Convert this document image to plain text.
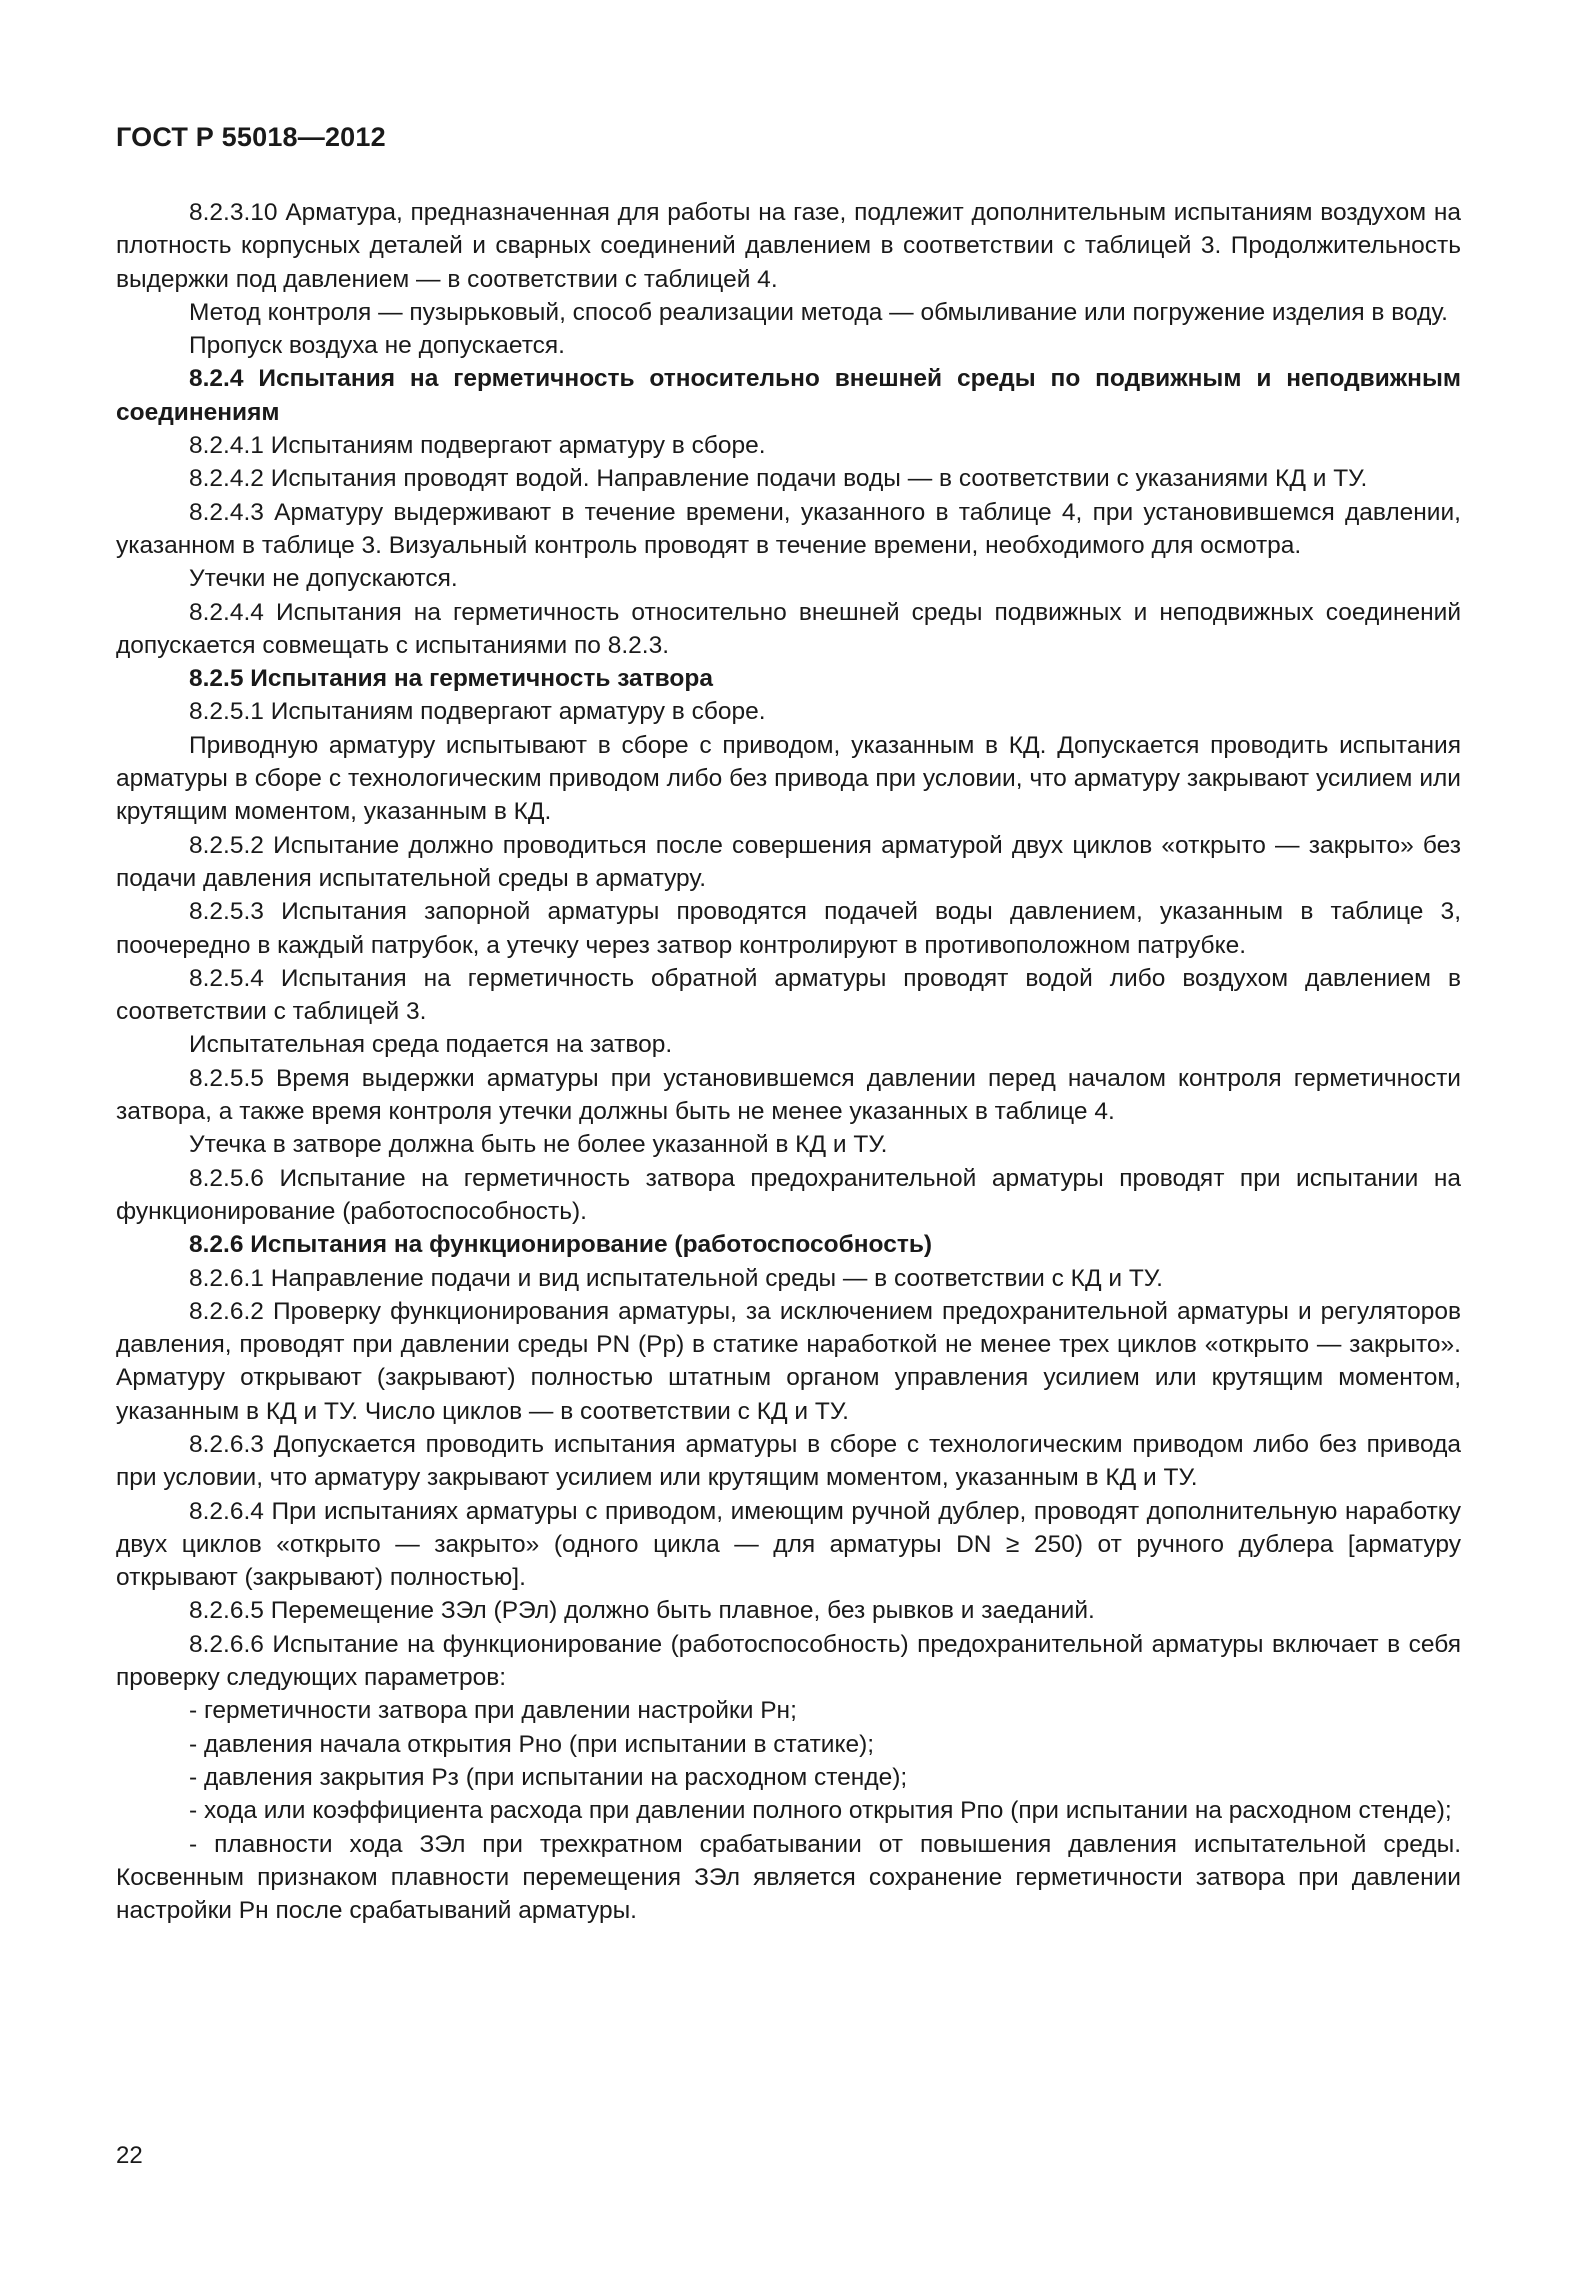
ГОСТ Р 55018—2012

8.2.3.10 Арматура, предназначенная для работы на газе, подлежит дополнительным испытаниям воздухом на плотность корпусных деталей и сварных соединений давлением в соответствии с таблицей 3. Продолжительность выдержки под давлением — в соответствии с таблицей 4.

Метод контроля — пузырьковый, способ реализации метода — обмыливание или погружение изделия в воду.

Пропуск воздуха не допускается.

8.2.4 Испытания на герметичность относительно внешней среды по подвижным и неподвижным соединениям

8.2.4.1 Испытаниям подвергают арматуру в сборе.

8.2.4.2 Испытания проводят водой. Направление подачи воды — в соответствии с указаниями КД и ТУ.

8.2.4.3 Арматуру выдерживают в течение времени, указанного в таблице 4, при установившемся давлении, указанном в таблице 3. Визуальный контроль проводят в течение времени, необходимого для осмотра.

Утечки не допускаются.

8.2.4.4 Испытания на герметичность относительно внешней среды подвижных и неподвижных соединений допускается совмещать с испытаниями по 8.2.3.

8.2.5 Испытания на герметичность затвора

8.2.5.1 Испытаниям подвергают арматуру в сборе.

Приводную арматуру испытывают в сборе с приводом, указанным в КД. Допускается проводить испытания арматуры в сборе с технологическим приводом либо без привода при условии, что арматуру закрывают усилием или крутящим моментом, указанным в КД.

8.2.5.2 Испытание должно проводиться после совершения арматурой двух циклов «открыто — закрыто» без подачи давления испытательной среды в арматуру.

8.2.5.3 Испытания запорной арматуры проводятся подачей воды давлением, указанным в таблице 3, поочередно в каждый патрубок, а утечку через затвор контролируют в противоположном патрубке.

8.2.5.4 Испытания на герметичность обратной арматуры проводят водой либо воздухом давлением в соответствии с таблицей 3.

Испытательная среда подается на затвор.

8.2.5.5 Время выдержки арматуры при установившемся давлении перед началом контроля герметичности затвора, а также время контроля утечки должны быть не менее указанных в таблице 4.

Утечка в затворе должна быть не более указанной в КД и ТУ.

8.2.5.6 Испытание на герметичность затвора предохранительной арматуры проводят при испытании на функционирование (работоспособность).

8.2.6 Испытания на функционирование (работоспособность)

8.2.6.1 Направление подачи и вид испытательной среды — в соответствии с КД и ТУ.

8.2.6.2 Проверку функционирования арматуры, за исключением предохранительной арматуры и регуляторов давления, проводят при давлении среды PN (Pр) в статике наработкой не менее трех циклов «открыто — закрыто». Арматуру открывают (закрывают) полностью штатным органом управления усилием или крутящим моментом, указанным в КД и ТУ. Число циклов — в соответствии с КД и ТУ.

8.2.6.3 Допускается проводить испытания арматуры в сборе с технологическим приводом либо без привода при условии, что арматуру закрывают усилием или крутящим моментом, указанным в КД и ТУ.

8.2.6.4 При испытаниях арматуры с приводом, имеющим ручной дублер, проводят дополнительную наработку двух циклов «открыто — закрыто» (одного цикла — для арматуры DN ≥ 250) от ручного дублера [арматуру открывают (закрывают) полностью].

8.2.6.5 Перемещение ЗЭл (РЭл) должно быть плавное, без рывков и заеданий.

8.2.6.6 Испытание на функционирование (работоспособность) предохранительной арматуры включает в себя проверку следующих параметров:

- герметичности затвора при давлении настройки Pн;

- давления начала открытия Pно (при испытании в статике);

- давления закрытия Pз (при испытании на расходном стенде);

- хода или коэффициента расхода при давлении полного открытия Pпо (при испытании на расходном стенде);

- плавности хода ЗЭл при трехкратном срабатывании от повышения давления испытательной среды. Косвенным признаком плавности перемещения ЗЭл является сохранение герметичности затвора при давлении настройки Pн после срабатываний арматуры.

22
